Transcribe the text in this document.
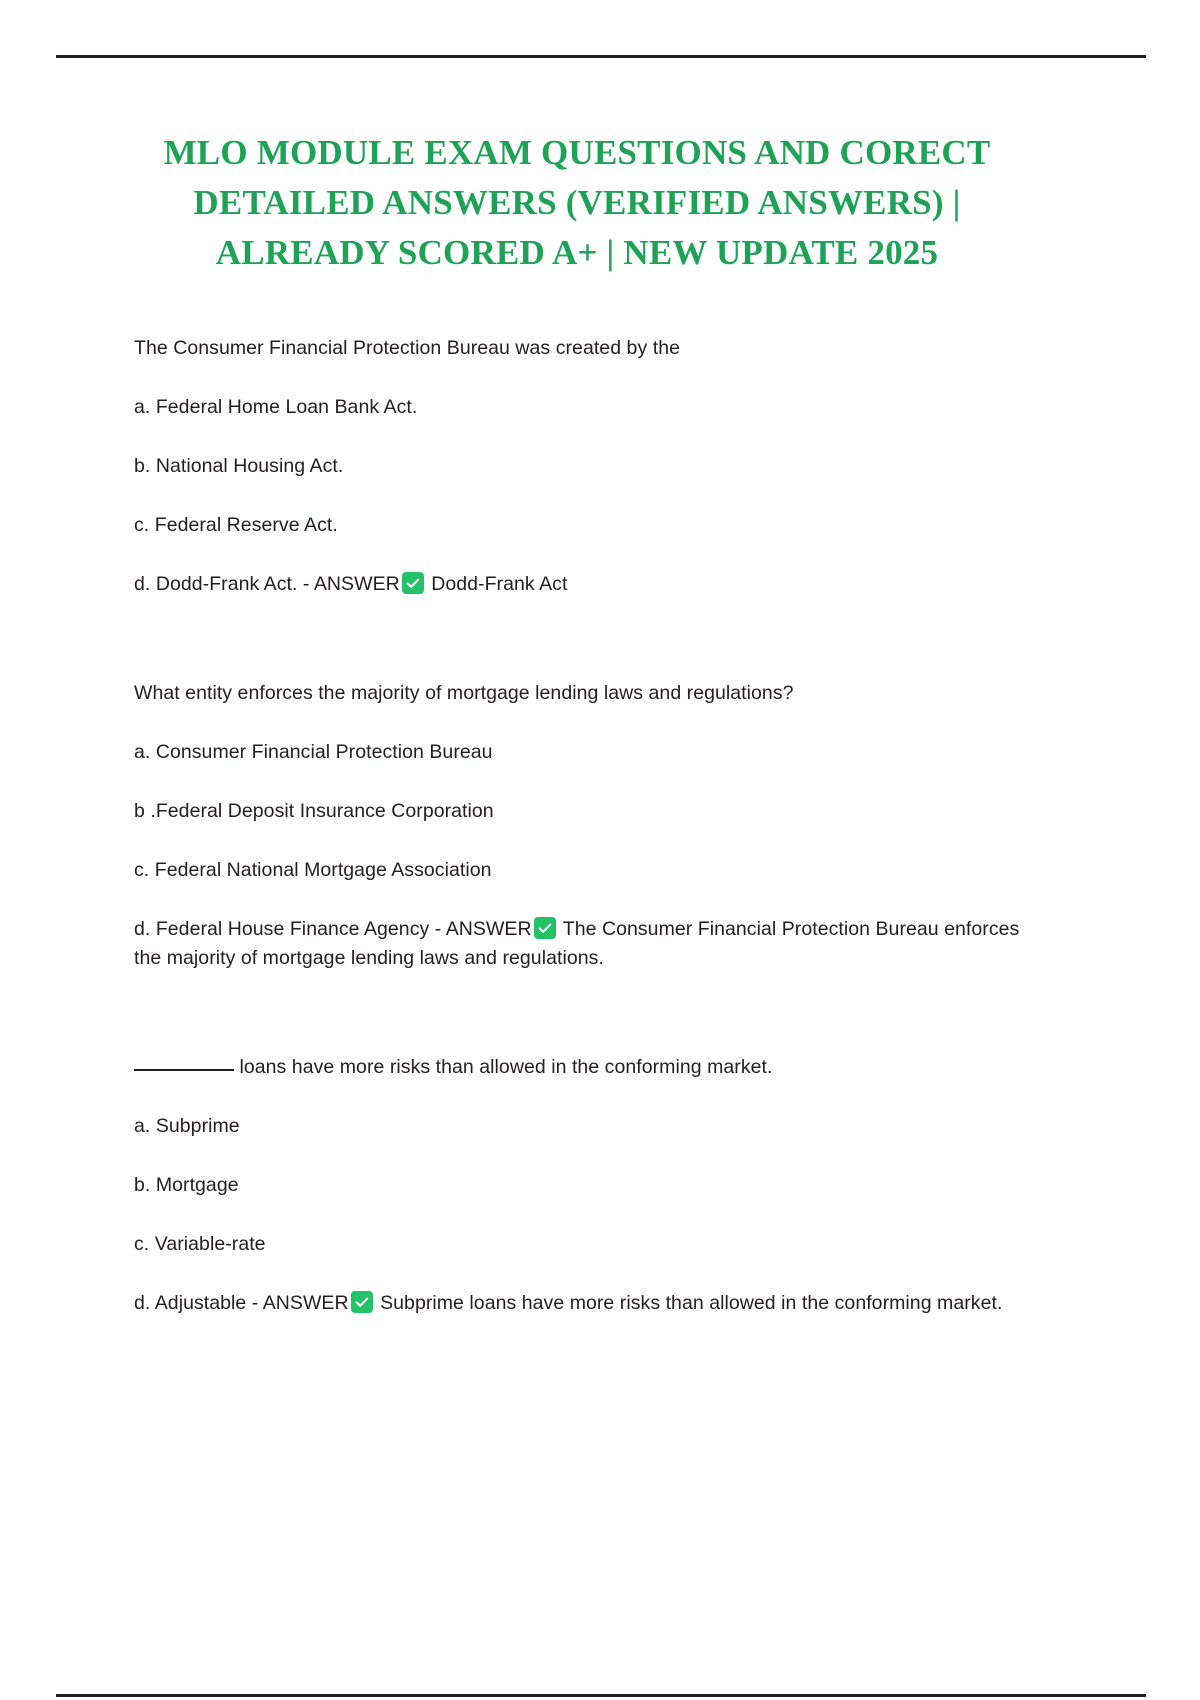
MLO MODULE EXAM QUESTIONS AND CORECT DETAILED ANSWERS (VERIFIED ANSWERS) | ALREADY SCORED A+ | NEW UPDATE 2025

The Consumer Financial Protection Bureau was created by the

a. Federal Home Loan Bank Act.

b. National Housing Act.

c. Federal Reserve Act.

d. Dodd-Frank Act. - ANSWER Dodd-Frank Act

What entity enforces the majority of mortgage lending laws and regulations?

a. Consumer Financial Protection Bureau

b .Federal Deposit Insurance Corporation

c. Federal National Mortgage Association

d. Federal House Finance Agency - ANSWER The Consumer Financial Protection Bureau enforces the majority of mortgage lending laws and regulations.

loans have more risks than allowed in the conforming market.

a. Subprime

b. Mortgage

c. Variable-rate

d. Adjustable - ANSWER Subprime loans have more risks than allowed in the conforming market.
